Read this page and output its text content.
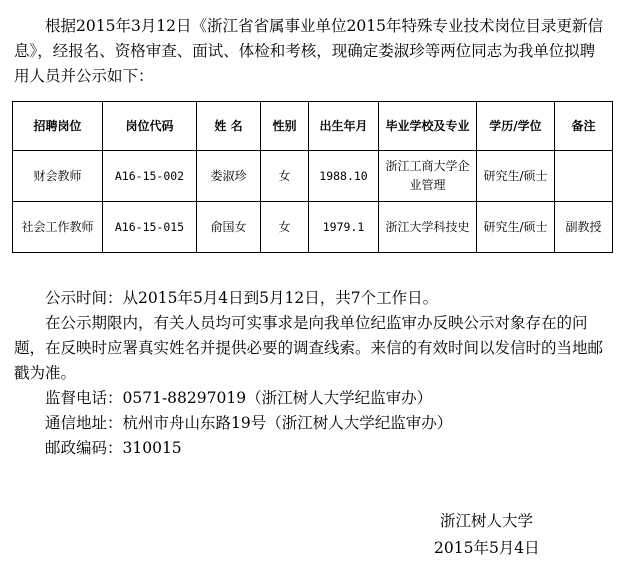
根据2015年3月12日《浙江省省属事业单位2015年特殊专业技术岗位目录更新信息》，经报名、资格审查、面试、体检和考核，现确定娄淑珍等两位同志为我单位拟聘用人员并公示如下：

招聘岗位	岗位代码	姓 名	性别	出生年月	毕业学校及专业	学历/学位	备注
财会教师	A16-15-002	娄淑珍	女	1988.10	浙江工商大学企业管理	研究生/硕士	
社会工作教师	A16-15-015	俞国女	女	1979.1	浙江大学科技史	研究生/硕士	副教授

公示时间：从2015年5月4日到5月12日，共7个工作日。

在公示期限内，有关人员均可实事求是向我单位纪监审办反映公示对象存在的问题，在反映时应署真实姓名并提供必要的调查线索。来信的有效时间以发信时的当地邮戳为准。

监督电话：0571-88297019（浙江树人大学纪监审办）

通信地址：杭州市舟山东路19号（浙江树人大学纪监审办）

邮政编码：310015

浙江树人大学
2015年5月4日
